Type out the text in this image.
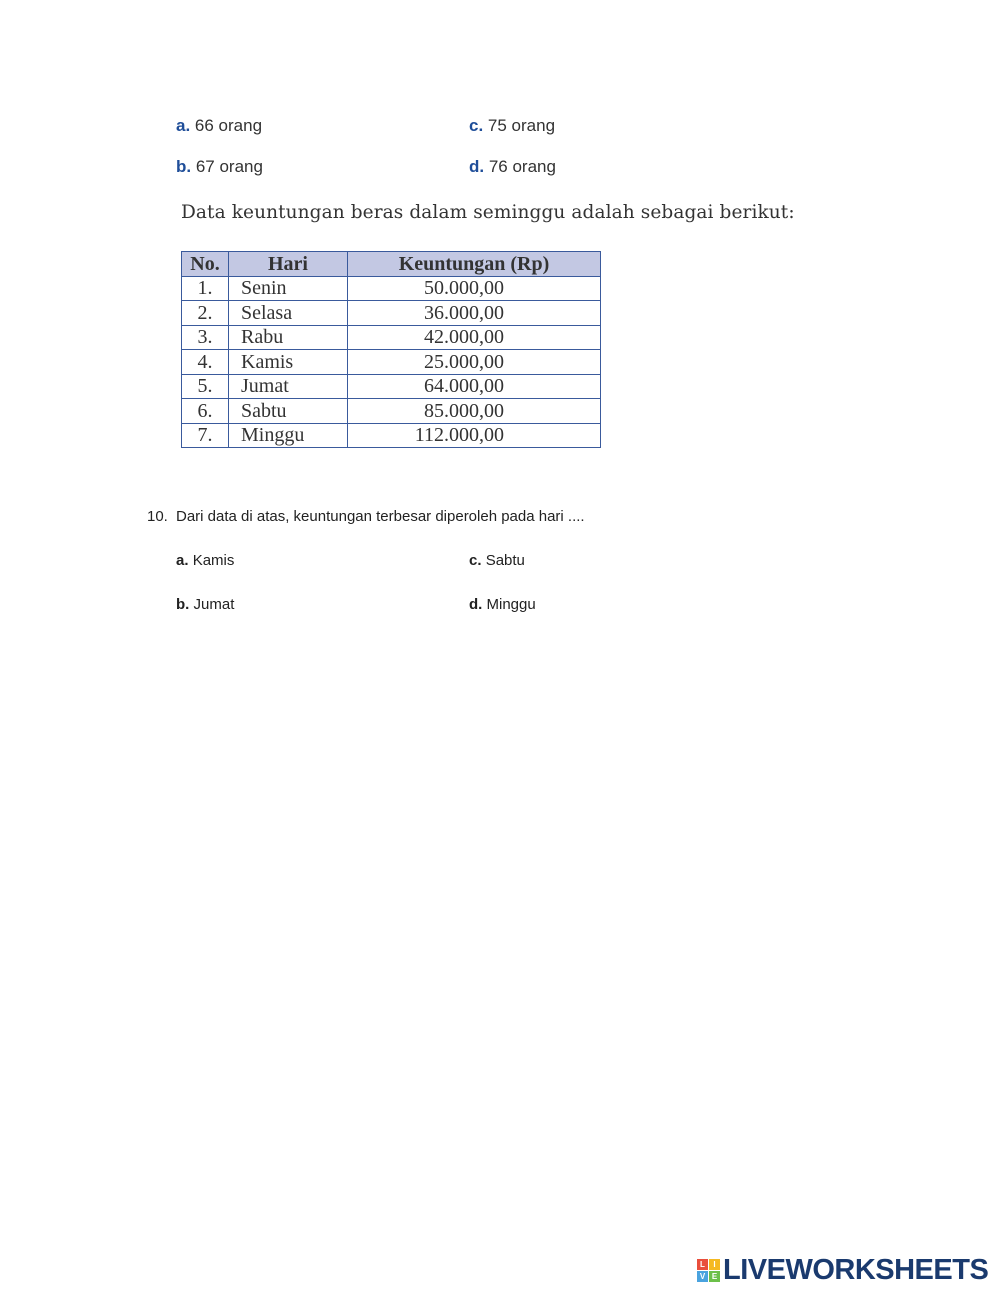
a. 66 orang	c. 75 orang
b. 67 orang	d. 76 orang
Data keuntungan beras dalam seminggu adalah sebagai berikut:
No.	Hari	Keuntungan (Rp)
1.	Senin	50.000,00
2.	Selasa	36.000,00
3.	Rabu	42.000,00
4.	Kamis	25.000,00
5.	Jumat	64.000,00
6.	Sabtu	85.000,00
7.	Minggu	112.000,00
10. Dari data di atas, keuntungan terbesar diperoleh pada hari ....
a. Kamis	c. Sabtu
b. Jumat	d. Minggu
L	I
V E LIVEWORKSHEETS
